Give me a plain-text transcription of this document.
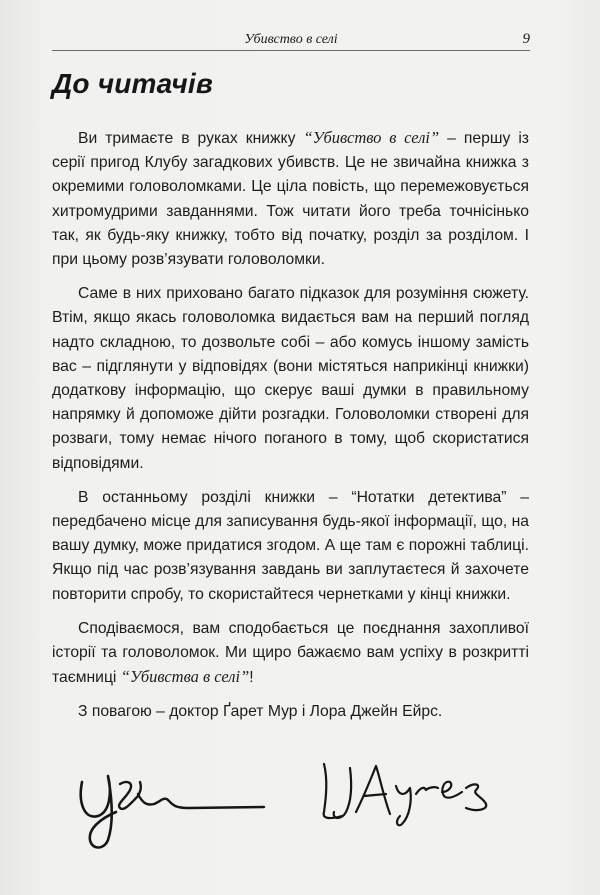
Убивство в селі	9
До читачів

Ви тримаєте в руках книжку “Убивство в селі” – першу із серії пригод Клубу загадкових убивств. Це не звичайна книжка з окремими головоломками. Це ціла повість, що перемежовується хитромудрими завданнями. Тож читати його треба точнісінько так, як будь-яку книжку, тобто від початку, розділ за розділом. І при цьому розв’язувати головоломки.

Саме в них приховано багато підказок для розуміння сюжету. Втім, якщо якась головоломка видається вам на перший погляд надто складною, то дозвольте собі – або комусь іншому замість вас – підглянути у відповідях (вони містяться наприкінці книжки) додаткову інформацію, що скерує ваші думки в правильному напрямку й допоможе дійти розгадки. Головоломки створені для розваги, тому немає нічого поганого в тому, щоб скористатися відповідями.

В останньому розділі книжки – “Нотатки детектива” – передбачено місце для записування будь-якої інформації, що, на вашу думку, може придатися згодом. А ще там є порожні таблиці. Якщо під час розв’язування завдань ви заплутаєтеся й захочете повторити спробу, то скористайтеся чернетками у кінці книжки.

Сподіваємося, вам сподобається це поєднання захопливої історії та головоломок. Ми щиро бажаємо вам успіху в розкритті таємниці “Убивства в селі”!

З повагою – доктор Ґарет Мур і Лора Джейн Ейрс.
